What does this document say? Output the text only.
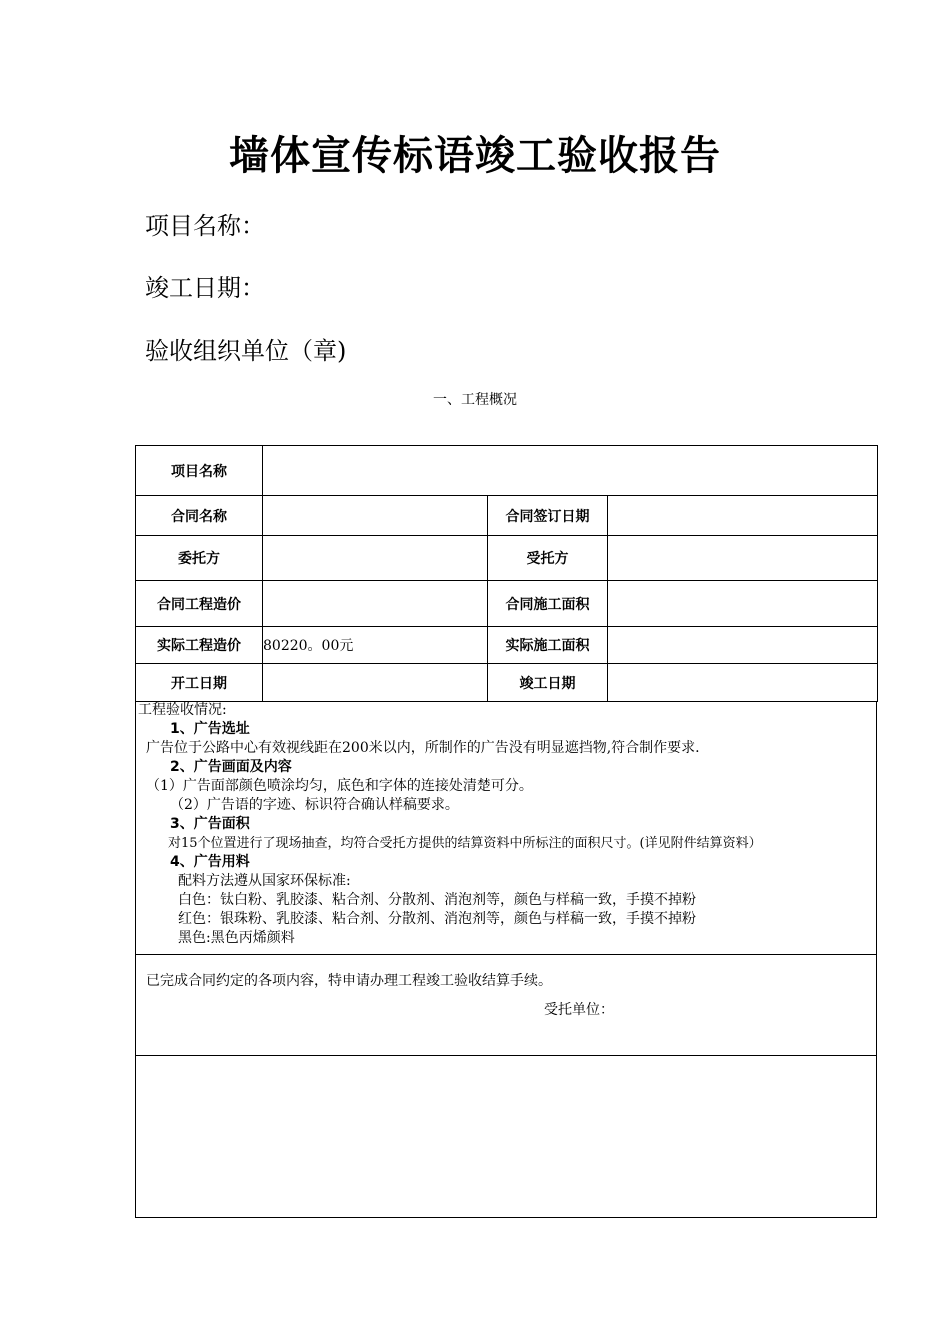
墙体宣传标语竣工验收报告
项目名称：
竣工日期：
验收组织单位（章)
一、工程概况
项目名称			
合同名称		合同签订日期	
委托方		受托方	
合同工程造价		合同施工面积	
实际工程造价	80220。00元	实际施工面积	
开工日期		竣工日期	
工程验收情况:
1、广告选址
广告位于公路中心有效视线距在200米以内，所制作的广告没有明显遮挡物,符合制作要求.
2、广告画面及内容
（1）广告面部颜色喷涂均匀，底色和字体的连接处清楚可分。
（2）广告语的字迹、标识符合确认样稿要求。
3、广告面积
对15个位置进行了现场抽查，均符合受托方提供的结算资料中所标注的面积尺寸。(详见附件结算资料）
4、广告用料
配料方法遵从国家环保标准:
白色：钛白粉、乳胶漆、粘合剂、分散剂、消泡剂等，颜色与样稿一致，手摸不掉粉
红色：银珠粉、乳胶漆、粘合剂、分散剂、消泡剂等，颜色与样稿一致，手摸不掉粉
黑色:黑色丙烯颜料
已完成合同约定的各项内容，特申请办理工程竣工验收结算手续。
受托单位：
